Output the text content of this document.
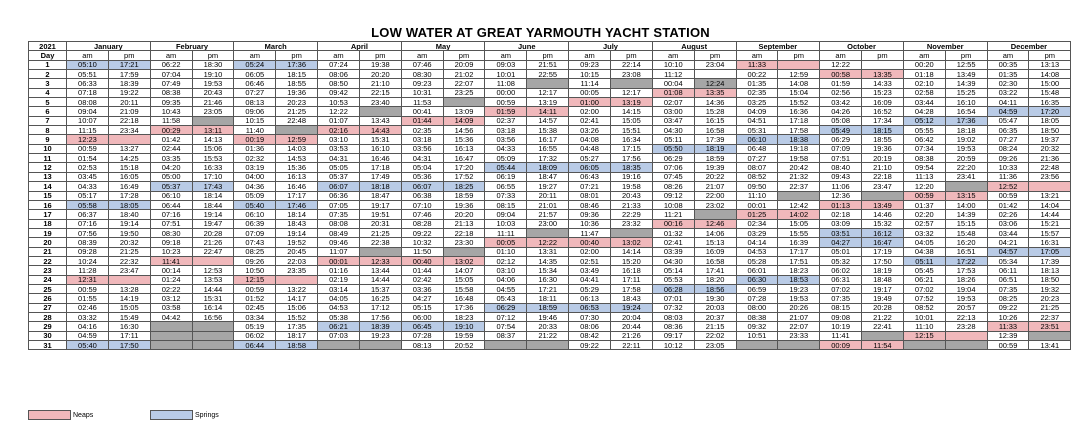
LOW WATER AT GREAT YARMOUTH YACHT STATION
2021	January		February		March		April		May		June		July		August		September		October		November		December	
Day	am	pm	am	pm	am	pm	am	pm	am	pm	am	pm	am	pm	am	pm	am	pm	am	pm	am	pm	am	pm
1	05:10	17:21	06:22	18:30	05:24	17:36	07:24	19:38	07:46	20:09	09:03	21:51	09:23	22:14	10:10	23:04	11:33		12:22		00:20	12:55	00:35	13:13
2	05:51	17:59	07:04	19:10	06:05	18:15	08:06	20:20	08:30	21:02	10:01	22:55	10:15	23:08	11:12		00:22	12:59	00:58	13:35	01:18	13:49	01:35	14:08
3	06:33	18:39	07:49	19:53	06:46	18:55	08:50	21:10	09:23	22:07	11:08		11:14		00:04	12:24	01:35	14:08	01:59	14:33	02:10	14:39	02:30	15:00
4	07:18	19:22	08:38	20:43	07:27	19:36	09:42	22:15	10:31	23:25	00:00	12:17	00:05	12:17	01:08	13:35	02:35	15:04	02:56	15:23	02:58	15:25	03:22	15:48
5	08:08	20:11	09:35	21:46	08:13	20:23	10:53	23:40	11:53		00:59	13:19	01:00	13:19	02:07	14:36	03:25	15:52	03:42	16:09	03:44	16:10	04:11	16:35
6	09:04	21:09	10:43	23:05	09:06	21:25	12:22		00:41	13:09	01:59	14:11	02:00	14:15	03:00	15:28	04:09	16:36	04:26	16:52	04:28	16:54	04:59	17:20
7	10:07	22:18	11:58		10:15	22:48	01:07	13:43	01:44	14:09	02:37	14:57	02:41	15:05	03:47	16:15	04:51	17:18	05:08	17:34	05:12	17:36	05:47	18:05
8	11:15	23:34	00:29	13:11	11:40		02:16	14:43	02:35	14:56	03:18	15:38	03:26	15:51	04:30	16:58	05:31	17:58	05:49	18:15	05:55	18:18	06:35	18:50
9	12:23		01:42	14:13	00:19	12:59	03:10	15:31	03:18	15:36	03:56	16:17	04:08	16:34	05:11	17:39	06:10	18:38	06:29	18:55	06:42	19:02	07:27	19:37
10	00:59	13:27	02:44	15:06	01:36	14:03	03:53	16:10	03:56	16:13	04:33	16:55	04:48	17:15	05:50	18:19	06:48	19:18	07:09	19:36	07:34	19:53	08:24	20:32
11	01:54	14:25	03:35	15:53	02:32	14:53	04:31	16:46	04:31	16:47	05:09	17:32	05:27	17:56	06:29	18:59	07:27	19:58	07:51	20:19	08:38	20:59	09:26	21:36
12	02:53	15:18	04:20	16:33	03:19	15:36	05:05	17:18	05:04	17:20	05:44	18:09	06:05	18:35	07:06	19:39	08:07	20:42	08:40	21:10	09:54	22:20	10:33	22:48
13	03:45	16:05	05:00	17:10	04:00	16:13	05:37	17:49	05:36	17:52	06:19	18:47	06:43	19:16	07:45	20:22	08:52	21:32	09:43	22:18	11:13	23:41	11:36	23:56
14	04:33	16:49	05:37	17:43	04:36	16:46	06:07	18:18	06:07	18:25	06:55	19:27	07:21	19:58	08:26	21:07	09:50	22:37	11:06	23:47	12:20		12:52	
15	05:17	17:28	06:10	18:14	05:09	17:17	06:36	18:47	06:38	18:59	07:33	20:11	08:01	20:43	09:12	22:00	11:10		12:36		00:59	13:15	00:59	13:21
16	05:58	18:05	06:44	18:44	05:40	17:46	07:05	19:17	07:10	19:36	08:15	21:01	08:46	21:33	10:08	23:02	00:01	12:42	01:13	13:49	01:37	14:00	01:42	14:04
17	06:37	18:40	07:16	19:14	06:10	18:14	07:35	19:51	07:46	20:20	09:04	21:57	09:36	22:29	11:21		01:25	14:02	02:18	14:46	02:20	14:39	02:26	14:44
18	07:16	19:14	07:51	19:47	06:39	18:43	08:08	20:31	08:28	21:13	10:03	23:00	10:36	23:32	00:16	12:46	02:34	15:05	03:09	15:32	02:57	15:15	03:06	15:21
19	07:56	19:50	08:30	20:28	07:09	19:14	08:49	21:25	09:22	22:18	11:11		11:47		01:32	14:06	03:29	15:55	03:51	16:12	03:32	15:48	03:44	15:57
20	08:39	20:32	09:18	21:26	07:43	19:52	09:46	22:38	10:32	23:30	00:05	12:22	00:40	13:02	02:41	15:13	04:14	16:39	04:27	16:47	04:05	16:20	04:21	16:31
21	09:28	21:25	10:23	22:47	08:25	20:45	11:07		11:50		01:10	13:31	02:00	14:14	03:39	16:09	04:53	17:17	05:01	17:19	04:38	16:51	04:57	17:05
22	10:24	22:32	11:41		09:26	22:03	00:01	12:33	00:40	13:02	02:12	14:35	02:51	15:20	04:30	16:58	05:28	17:51	05:32	17:50	05:11	17:22	05:34	17:39
23	11:28	23:47	00:14	12:53	10:50	23:35	01:16	13:44	01:44	14:07	03:10	15:34	03:49	16:18	05:14	17:41	06:01	18:23	06:02	18:19	05:45	17:53	06:11	18:13
24	12:31		01:24	13:53	12:15		02:19	14:44	02:42	15:05	04:06	16:30	04:41	17:11	05:53	18:20	06:30	18:53	06:31	18:48	06:21	18:26	06:51	18:50
25	00:59	13:28	02:22	14:44	00:59	13:22	03:14	15:37	03:36	15:58	04:55	17:21	05:29	17:58	06:28	18:56	06:59	19:23	07:02	19:17	07:02	19:04	07:35	19:32
26	01:55	14:19	03:12	15:31	01:52	14:17	04:05	16:25	04:27	16:48	05:43	18:11	06:13	18:43	07:01	19:30	07:28	19:53	07:35	19:49	07:52	19:53	08:25	20:23
27	02:46	15:05	03:58	16:14	02:45	15:06	04:53	17:12	05:15	17:36	06:29	18:59	06:53	19:24	07:32	20:03	08:00	20:26	08:15	20:28	08:52	20:57	09:22	21:25
28	03:32	15:49	04:42	16:56	03:34	15:52	05:38	17:56	06:00	18:23	07:12	19:46	07:30	20:04	08:03	20:37	08:38	21:07	09:08	21:22	10:01	22:13	10:26	22:37
29	04:16	16:30			05:19	17:35	06:21	18:39	06:45	19:10	07:54	20:33	08:06	20:44	08:36	21:15	09:32	22:07	10:19	22:41	11:10	23:28	11:33	23:51
30	04:59	17:11			06:02	18:17	07:03	19:23	07:28	19:59	08:37	21:22	08:42	21:26	09:17	22:02	10:51	23:33	11:41		12:15		12:39	
31	05:40	17:50			06:44	18:58			08:13	20:52			09:22	22:11	10:12	23:05			00:09	11:54			00:59	13:41
Neaps	Springs
